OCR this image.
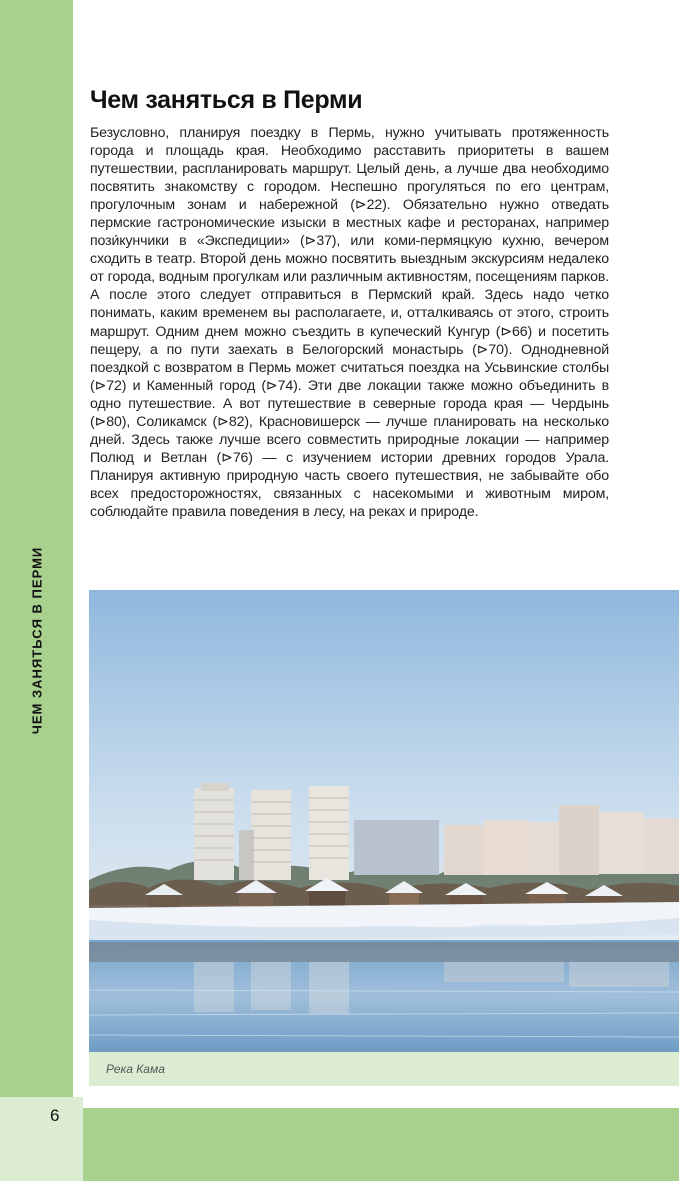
ЧЕМ ЗАНЯТЬСЯ В ПЕРМИ
Чем заняться в Перми

Безусловно, планируя поездку в Пермь, нужно учитывать протяженность города и площадь края. Необходимо расставить приоритеты в вашем путешествии, распланировать маршрут. Целый день, а лучше два необходимо посвятить знакомству с городом. Неспешно прогуляться по его центрам, прогулочным зонам и набережной (⊳22). Обязательно нужно отведать пермские гастрономические изыски в местных кафе и ресторанах, например пози́кунчики в «Экспедиции» (⊳37), или коми-пермяцкую кухню, вечером сходить в театр. Второй день можно посвятить выездным экскурсиям недалеко от города, водным прогулкам или различным активностям, посещениям парков. А после этого следует отправиться в Пермский край. Здесь надо четко понимать, каким временем вы располагаете, и, отталкиваясь от этого, строить маршрут. Одним днем можно съездить в купеческий Кунгур (⊳66) и посетить пещеру, а по пути заехать в Белогорский монастырь (⊳70). Однодневной поездкой с возвратом в Пермь может считаться поездка на Усьвинские столбы (⊳72) и Каменный город (⊳74). Эти две локации также можно объединить в одно путешествие. А вот путешествие в северные города края — Чердынь (⊳80), Соликамск (⊳82), Красновишерск — лучше планировать на несколько дней. Здесь также лучше всего совместить природные локации — например Полюд и Ветлан (⊳76) — с изучением истории древних городов Урала. Планируя активную природную часть своего путешествия, не забывайте обо всех предосторожностях, связанных с насекомыми и животным миром, соблюдайте правила поведения в лесу, на реках и природе.

Река Кама
6
